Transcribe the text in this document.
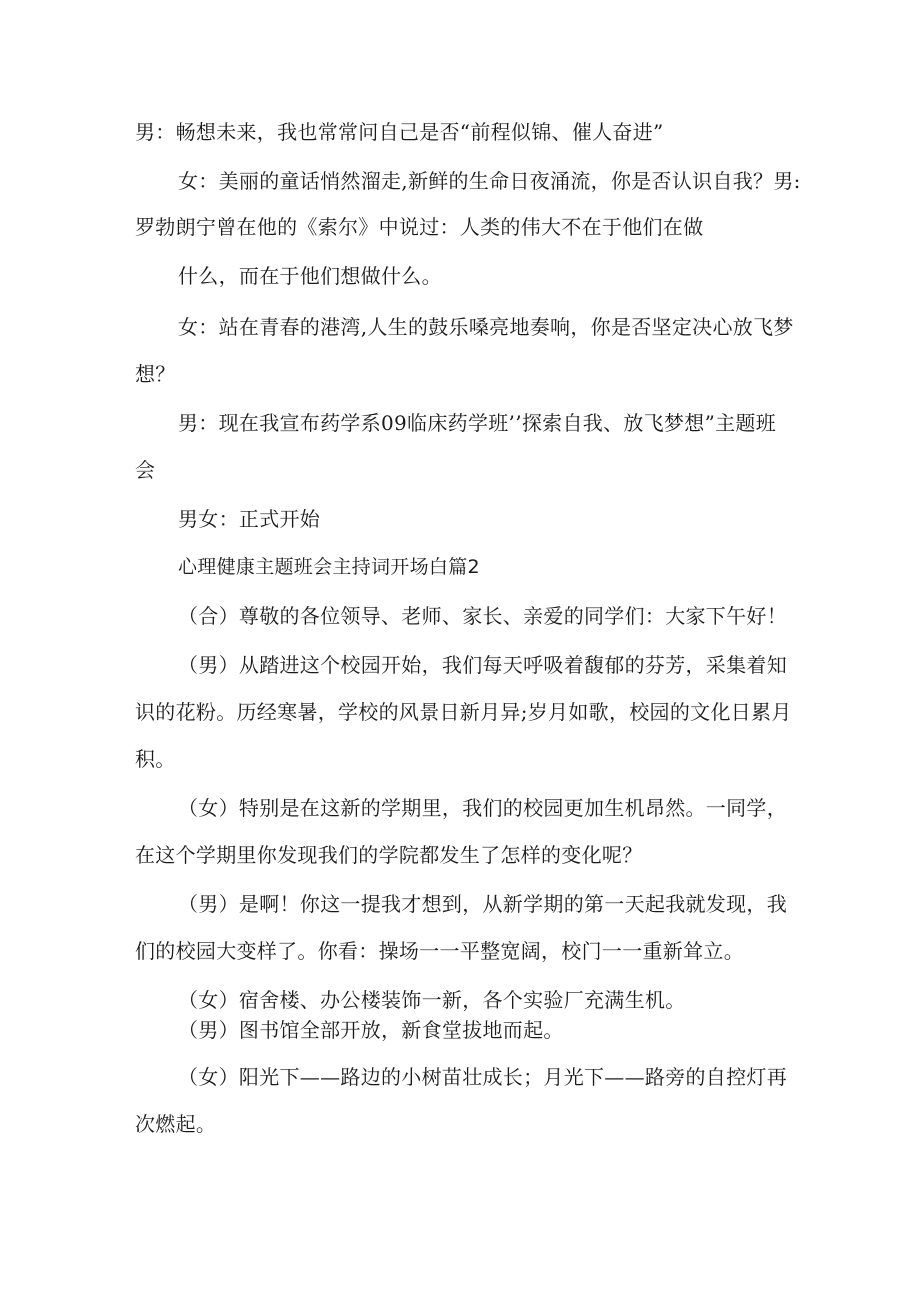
男：畅想未来，我也常常问自己是否“前程似锦、催人奋进”
女：美丽的童话悄然溜走,新鲜的生命日夜涌流，你是否认识自我？男:
罗勃朗宁曾在他的《索尔》中说过：人类的伟大不在于他们在做
什么，而在于他们想做什么。
女：站在青春的港湾,人生的鼓乐嗓亮地奏响，你是否坚定决心放飞梦
想？
男：现在我宣布药学系09临床药学班’’探索自我、放飞梦想”主题班
会
男女：正式开始
心理健康主题班会主持词开场白篇2
（合）尊敬的各位领导、老师、家长、亲爱的同学们：大家下午好！
（男）从踏进这个校园开始，我们每天呼吸着馥郁的芬芳，采集着知
识的花粉。历经寒暑，学校的风景日新月异;岁月如歌，校园的文化日累月
积。
（女）特别是在这新的学期里，我们的校园更加生机昂然。一同学，
在这个学期里你发现我们的学院都发生了怎样的变化呢？
（男）是啊！你这一提我才想到，从新学期的第一天起我就发现，我
们的校园大变样了。你看：操场一一平整宽阔，校门一一重新耸立。
（女）宿舍楼、办公楼装饰一新，各个实验厂充满生机。
（男）图书馆全部开放，新食堂拔地而起。
（女）阳光下——路边的小树苗壮成长；月光下——路旁的自控灯再
次燃起。
